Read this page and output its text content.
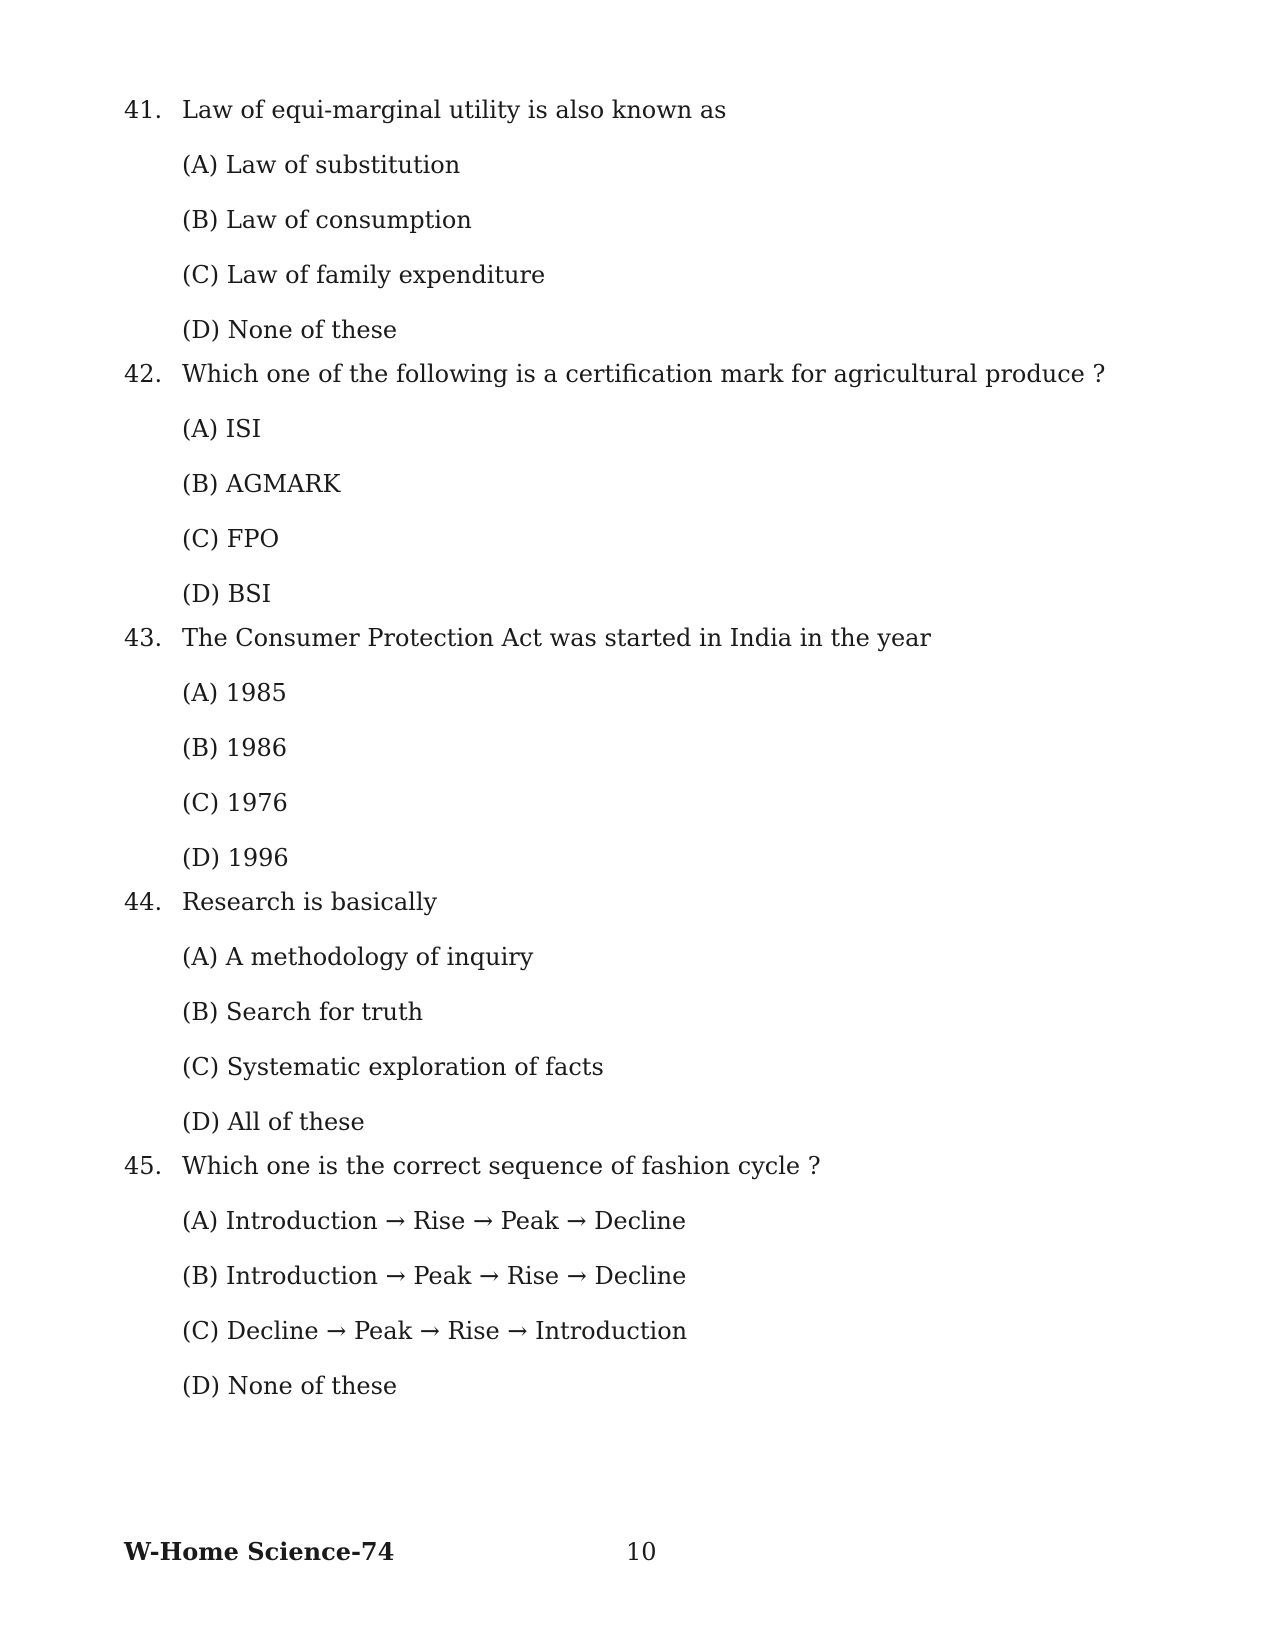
41. Law of equi-marginal utility is also known as
(A) Law of substitution
(B) Law of consumption
(C) Law of family expenditure
(D) None of these
42. Which one of the following is a certification mark for agricultural produce ?
(A) ISI
(B) AGMARK
(C) FPO
(D) BSI
43. The Consumer Protection Act was started in India in the year
(A) 1985
(B) 1986
(C) 1976
(D) 1996
44. Research is basically
(A) A methodology of inquiry
(B) Search for truth
(C) Systematic exploration of facts
(D) All of these
45. Which one is the correct sequence of fashion cycle ?
(A) Introduction → Rise → Peak → Decline
(B) Introduction → Peak → Rise → Decline
(C) Decline → Peak → Rise → Introduction
(D) None of these
W-Home Science-74	10
